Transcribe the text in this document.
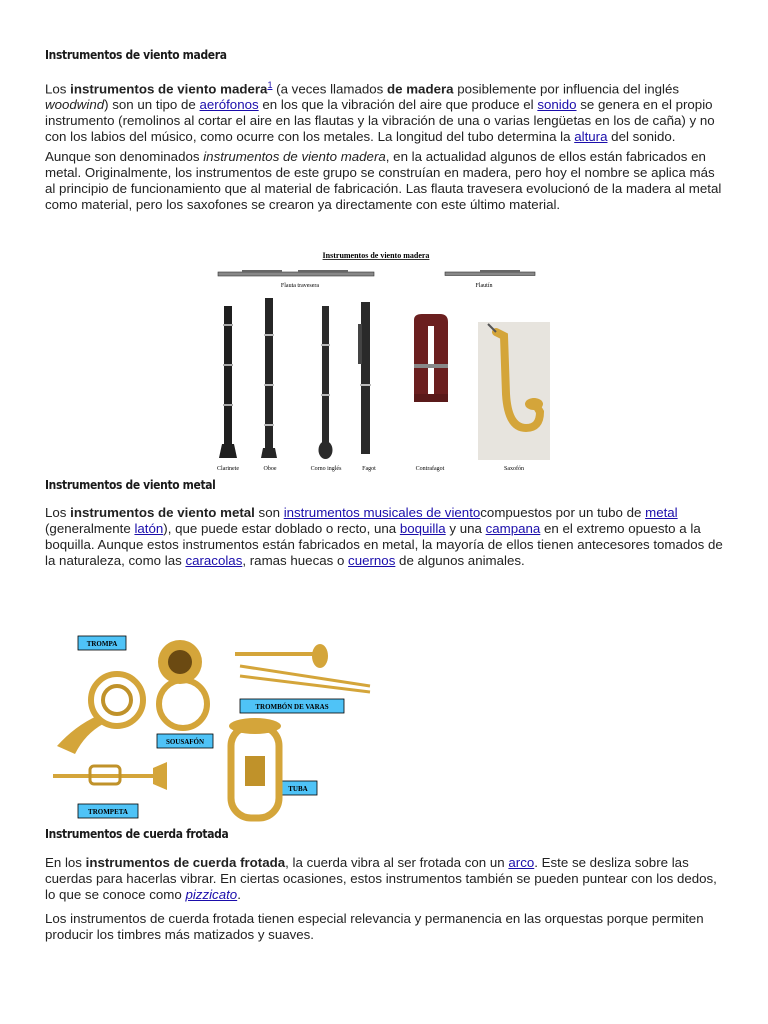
Instrumentos de viento madera

Los instrumentos de viento madera$^1$ (a veces llamados de madera posiblemente por influencia del inglés woodwind) son un tipo de aerófonos en los que la vibración del aire que produce el sonido se genera en el propio instrumento (remolinos al cortar el aire en las flautas y la vibración de una o varias lengüetas en los de caña) y no con los labios del músico, como ocurre con los metales. La longitud del tubo determina la altura del sonido.

Aunque son denominados instrumentos de viento madera, en la actualidad algunos de ellos están fabricados en metal. Originalmente, los instrumentos de este grupo se construían en madera, pero hoy el nombre se aplica más al principio de funcionamiento que al material de fabricación. Las flauta travesera evolucionó de la madera al metal como material, pero los saxofones se crearon ya directamente con este último material.

Instrumentos de viento madera
Flauta travesera	Flautín
Clarinete	Oboe	Corno inglés	Fagot	Contrafagot	Saxofón
Instrumentos de viento metal

Los instrumentos de viento metal son instrumentos musicales de vientocompuestos por un tubo de metal (generalmente latón), que puede estar doblado o recto, una boquilla y una campana en el extremo opuesto a la boquilla. Aunque estos instrumentos están fabricados en metal, la mayoría de ellos tienen antecesores tomados de la naturaleza, como las caracolas, ramas huecas o cuernos de algunos animales.

TROMPA
SOUSAFÓN
TROMBÓN DE VARAS
TUBA
TROMPETA
Instrumentos de cuerda frotada

En los instrumentos de cuerda frotada, la cuerda vibra al ser frotada con un arco. Este se desliza sobre las cuerdas para hacerlas vibrar. En ciertas ocasiones, estos instrumentos también se pueden puntear con los dedos, lo que se conoce como pizzicato.

Los instrumentos de cuerda frotada tienen especial relevancia y permanencia en las orquestas porque permiten producir los timbres más matizados y suaves.
